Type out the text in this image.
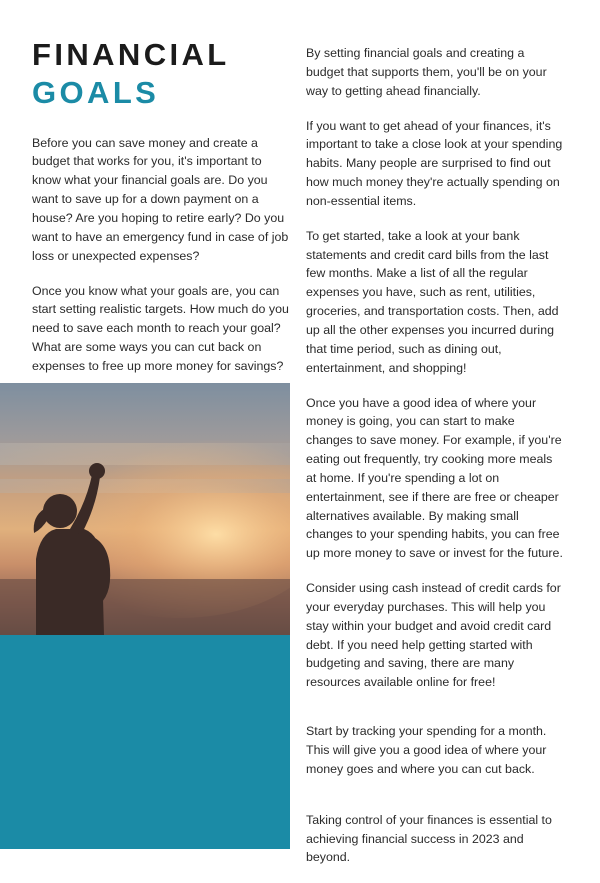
FINANCIAL
GOALS

Before you can save money and create a budget that works for you, it's important to know what your financial goals are. Do you want to save up for a down payment on a house? Are you hoping to retire early? Do you want to have an emergency fund in case of job loss or unexpected expenses?

Once you know what your goals are, you can start setting realistic targets. How much do you need to save each month to reach your goal? What are some ways you can cut back on expenses to free up more money for savings?

By setting financial goals and creating a budget that supports them, you'll be on your way to getting ahead financially.

If you want to get ahead of your finances, it's important to take a close look at your spending habits. Many people are surprised to find out how much money they're actually spending on non-essential items.

To get started, take a look at your bank statements and credit card bills from the last few months. Make a list of all the regular expenses you have, such as rent, utilities, groceries, and transportation costs. Then, add up all the other expenses you incurred during that time period, such as dining out, entertainment, and shopping!

Once you have a good idea of where your money is going, you can start to make changes to save money. For example, if you're eating out frequently, try cooking more meals at home. If you're spending a lot on entertainment, see if there are free or cheaper alternatives available. By making small changes to your spending habits, you can free up more money to save or invest for the future.

Consider using cash instead of credit cards for your everyday purchases. This will help you stay within your budget and avoid credit card debt. If you need help getting started with budgeting and saving, there are many resources available online for free!

Start by tracking your spending for a month. This will give you a good idea of where your money goes and where you can cut back.

Taking control of your finances is essential to achieving financial success in 2023 and beyond.
